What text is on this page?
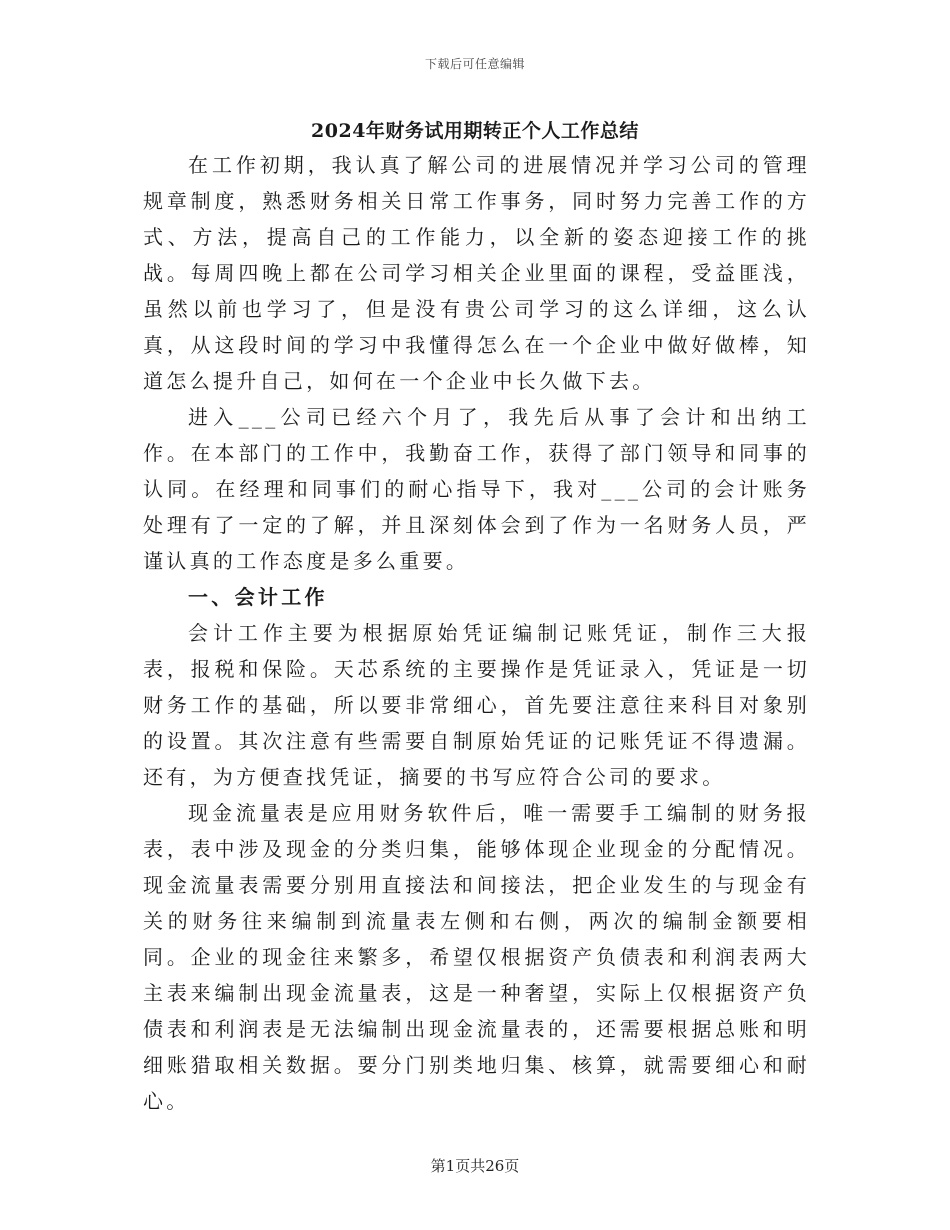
下载后可任意编辑
2024年财务试用期转正个人工作总结

在工作初期，我认真了解公司的进展情况并学习公司的管理规章制度，熟悉财务相关日常工作事务，同时努力完善工作的方式、方法，提高自己的工作能力，以全新的姿态迎接工作的挑战。每周四晚上都在公司学习相关企业里面的课程，受益匪浅，虽然以前也学习了，但是没有贵公司学习的这么详细，这么认真，从这段时间的学习中我懂得怎么在一个企业中做好做棒，知道怎么提升自己，如何在一个企业中长久做下去。

进入___公司已经六个月了，我先后从事了会计和出纳工作。在本部门的工作中，我勤奋工作，获得了部门领导和同事的认同。在经理和同事们的耐心指导下，我对___公司的会计账务处理有了一定的了解，并且深刻体会到了作为一名财务人员，严谨认真的工作态度是多么重要。

一、会计工作

会计工作主要为根据原始凭证编制记账凭证，制作三大报表，报税和保险。天芯系统的主要操作是凭证录入，凭证是一切财务工作的基础，所以要非常细心，首先要注意往来科目对象别的设置。其次注意有些需要自制原始凭证的记账凭证不得遗漏。还有，为方便查找凭证，摘要的书写应符合公司的要求。

现金流量表是应用财务软件后，唯一需要手工编制的财务报表，表中涉及现金的分类归集，能够体现企业现金的分配情况。现金流量表需要分别用直接法和间接法，把企业发生的与现金有关的财务往来编制到流量表左侧和右侧，两次的编制金额要相同。企业的现金往来繁多，希望仅根据资产负债表和利润表两大主表来编制出现金流量表，这是一种奢望，实际上仅根据资产负债表和利润表是无法编制出现金流量表的，还需要根据总账和明细账猎取相关数据。要分门别类地归集、核算，就需要细心和耐心。

第1页共26页
